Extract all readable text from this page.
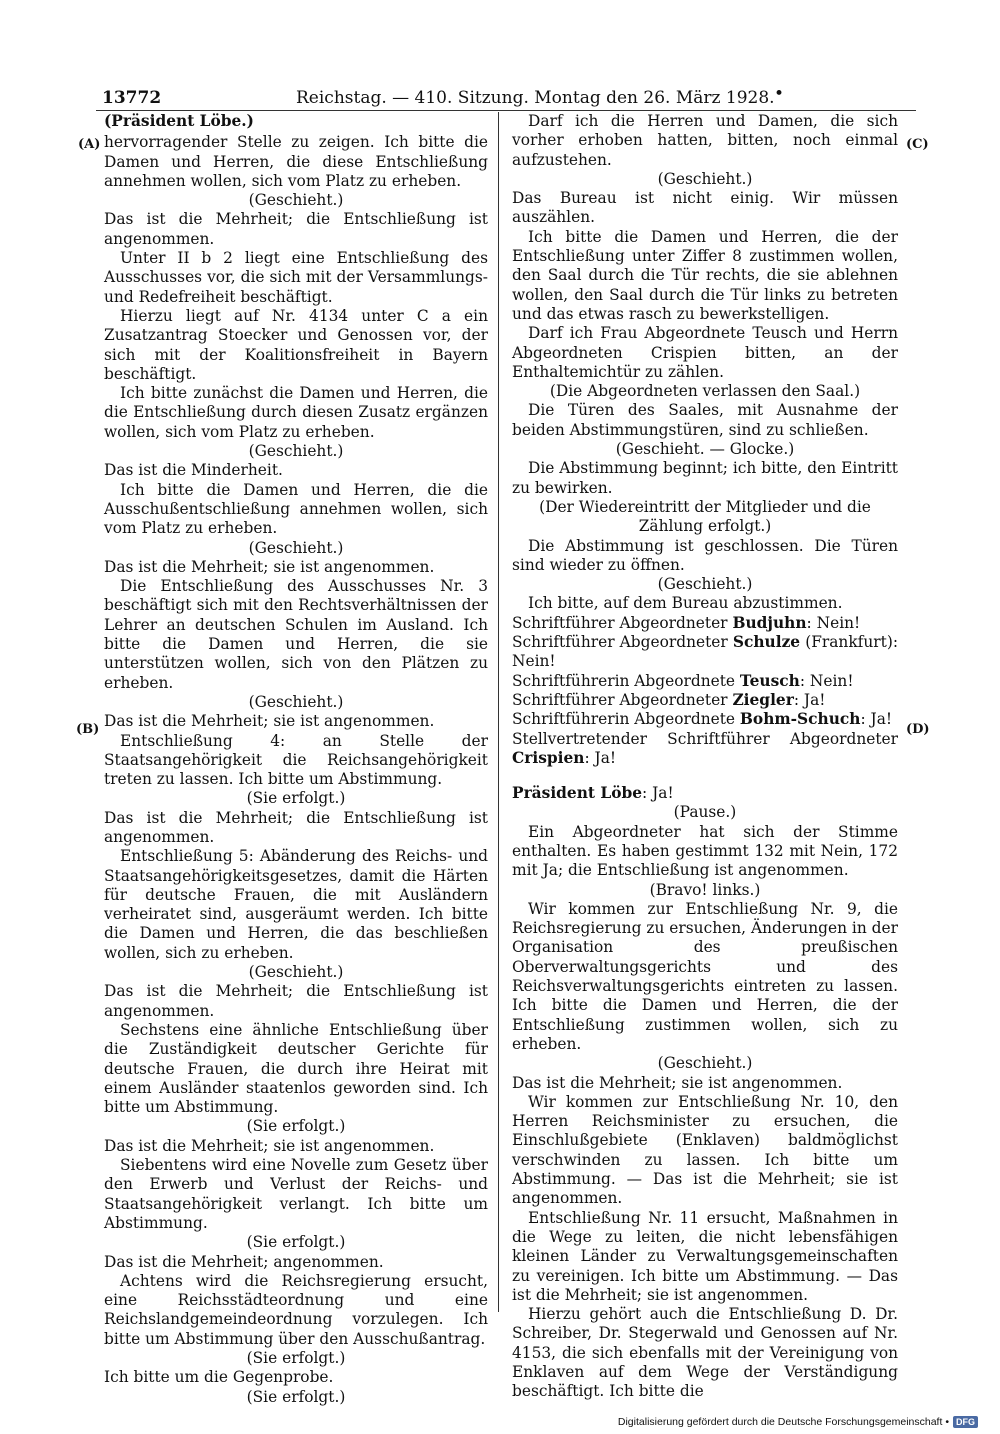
13772	Reichstag. — 410. Sitzung. Montag den 26. März 1928. •
(A)
(B)
(C)
(D)

(Präsident Löbe.)

hervorragender Stelle zu zeigen. Ich bitte die Damen und Herren, die diese Entschließung annehmen wollen, sich vom Platz zu erheben.

(Geschieht.)

Das ist die Mehrheit; die Entschließung ist angenommen.

Unter II b 2 liegt eine Entschließung des Ausschusses vor, die sich mit der Versammlungs- und Redefreiheit beschäftigt.

Hierzu liegt auf Nr. 4134 unter C a ein Zusatzantrag Stoecker und Genossen vor, der sich mit der Koalitionsfreiheit in Bayern beschäftigt.

Ich bitte zunächst die Damen und Herren, die die Entschließung durch diesen Zusatz ergänzen wollen, sich vom Platz zu erheben.

(Geschieht.)

Das ist die Minderheit.

Ich bitte die Damen und Herren, die die Ausschußentschließung annehmen wollen, sich vom Platz zu erheben.

(Geschieht.)

Das ist die Mehrheit; sie ist angenommen.

Die Entschließung des Ausschusses Nr. 3 beschäftigt sich mit den Rechtsverhältnissen der Lehrer an deutschen Schulen im Ausland. Ich bitte die Damen und Herren, die sie unterstützen wollen, sich von den Plätzen zu erheben.

(Geschieht.)

Das ist die Mehrheit; sie ist angenommen.

Entschließung 4: an Stelle der Staatsangehörigkeit die Reichsangehörigkeit treten zu lassen. Ich bitte um Abstimmung.

(Sie erfolgt.)

Das ist die Mehrheit; die Entschließung ist angenommen.

Entschließung 5: Abänderung des Reichs- und Staatsangehörigkeitsgesetzes, damit die Härten für deutsche Frauen, die mit Ausländern verheiratet sind, ausgeräumt werden. Ich bitte die Damen und Herren, die das beschließen wollen, sich zu erheben.

(Geschieht.)

Das ist die Mehrheit; die Entschließung ist angenommen.

Sechstens eine ähnliche Entschließung über die Zuständigkeit deutscher Gerichte für deutsche Frauen, die durch ihre Heirat mit einem Ausländer staatenlos geworden sind. Ich bitte um Abstimmung.

(Sie erfolgt.)

Das ist die Mehrheit; sie ist angenommen.

Siebentens wird eine Novelle zum Gesetz über den Erwerb und Verlust der Reichs- und Staatsangehörigkeit verlangt. Ich bitte um Abstimmung.

(Sie erfolgt.)

Das ist die Mehrheit; angenommen.

Achtens wird die Reichsregierung ersucht, eine Reichsstädteordnung und eine Reichslandgemeindeordnung vorzulegen. Ich bitte um Abstimmung über den Ausschußantrag.

(Sie erfolgt.)

Ich bitte um die Gegenprobe.

(Sie erfolgt.)

Darf ich die Herren und Damen, die sich vorher erhoben hatten, bitten, noch einmal aufzustehen.

(Geschieht.)

Das Bureau ist nicht einig. Wir müssen auszählen.

Ich bitte die Damen und Herren, die der Entschließung unter Ziffer 8 zustimmen wollen, den Saal durch die Tür rechts, die sie ablehnen wollen, den Saal durch die Tür links zu betreten und das etwas rasch zu bewerkstelligen.

Darf ich Frau Abgeordnete Teusch und Herrn Abgeordneten Crispien bitten, an der Enthaltemichtür zu zählen.

(Die Abgeordneten verlassen den Saal.)

Die Türen des Saales, mit Ausnahme der beiden Abstimmungstüren, sind zu schließen.

(Geschieht. — Glocke.)

Die Abstimmung beginnt; ich bitte, den Eintritt zu bewirken.

(Der Wiedereintritt der Mitglieder und die Zählung erfolgt.)

Die Abstimmung ist geschlossen. Die Türen sind wieder zu öffnen.

(Geschieht.)

Ich bitte, auf dem Bureau abzustimmen.

Schriftführer Abgeordneter Budjuhn: Nein!

Schriftführer Abgeordneter Schulze (Frankfurt): Nein!

Schriftführerin Abgeordnete Teusch: Nein!

Schriftführer Abgeordneter Ziegler: Ja!

Schriftführerin Abgeordnete Bohm-Schuch: Ja!

Stellvertretender Schriftführer Abgeordneter Crispien: Ja!

Präsident Löbe: Ja!

(Pause.)

Ein Abgeordneter hat sich der Stimme enthalten. Es haben gestimmt 132 mit Nein, 172 mit Ja; die Entschließung ist angenommen.

(Bravo! links.)

Wir kommen zur Entschließung Nr. 9, die Reichsregierung zu ersuchen, Änderungen in der Organisation des preußischen Oberverwaltungsgerichts und des Reichsverwaltungsgerichts eintreten zu lassen. Ich bitte die Damen und Herren, die der Entschließung zustimmen wollen, sich zu erheben.

(Geschieht.)

Das ist die Mehrheit; sie ist angenommen.

Wir kommen zur Entschließung Nr. 10, den Herren Reichsminister zu ersuchen, die Einschlußgebiete (Enklaven) baldmöglichst verschwinden zu lassen. Ich bitte um Abstimmung. — Das ist die Mehrheit; sie ist angenommen.

Entschließung Nr. 11 ersucht, Maßnahmen in die Wege zu leiten, die nicht lebensfähigen kleinen Länder zu Verwaltungsgemeinschaften zu vereinigen. Ich bitte um Abstimmung. — Das ist die Mehrheit; sie ist angenommen.

Hierzu gehört auch die Entschließung D. Dr. Schreiber, Dr. Stegerwald und Genossen auf Nr. 4153, die sich ebenfalls mit der Vereinigung von Enklaven auf dem Wege der Verständigung beschäftigt. Ich bitte die

Digitalisierung gefördert durch die Deutsche Forschungsgemeinschaft • DFG
